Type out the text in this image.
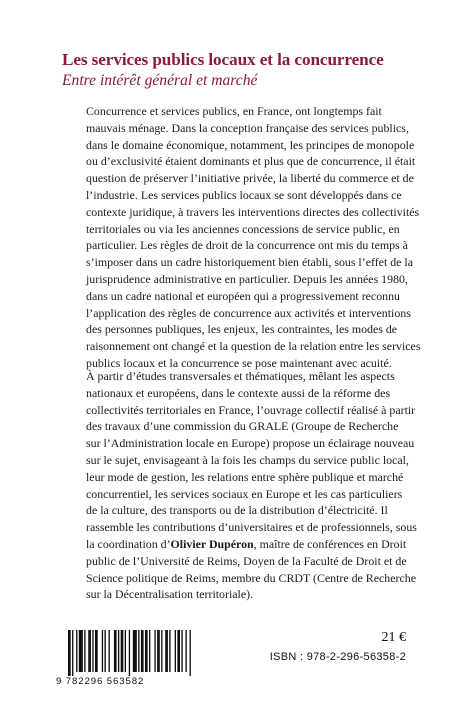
Les services publics locaux et la concurrence
Entre intérêt général et marché
Concurrence et services publics, en France, ont longtemps fait
mauvais ménage. Dans la conception française des services publics,
dans le domaine économique, notamment, les principes de monopole
ou d’exclusivité étaient dominants et plus que de concurrence, il était
question de préserver l’initiative privée, la liberté du commerce et de
l’industrie. Les services publics locaux se sont développés dans ce
contexte juridique, à travers les interventions directes des collectivités
territoriales ou via les anciennes concessions de service public, en
particulier. Les règles de droit de la concurrence ont mis du temps à
s’imposer dans un cadre historiquement bien établi, sous l’effet de la
jurisprudence administrative en particulier. Depuis les années 1980,
dans un cadre national et européen qui a progressivement reconnu
l’application des règles de concurrence aux activités et interventions
des personnes publiques, les enjeux, les contraintes, les modes de
raisonnement ont changé et la question de la relation entre les services
publics locaux et la concurrence se pose maintenant avec acuité.
À partir d’études transversales et thématiques, mêlant les aspects
nationaux et européens, dans le contexte aussi de la réforme des
collectivités territoriales en France, l’ouvrage collectif réalisé à partir
des travaux d’une commission du GRALE (Groupe de Recherche
sur l’Administration locale en Europe) propose un éclairage nouveau
sur le sujet, envisageant à la fois les champs du service public local,
leur mode de gestion, les relations entre sphère publique et marché
concurrentiel, les services sociaux en Europe et les cas particuliers
de la culture, des transports ou de la distribution d’électricité. Il
rassemble les contributions d’universitaires et de professionnels, sous
la coordination d’Olivier Dupéron, maître de conférences en Droit
public de l’Université de Reims, Doyen de la Faculté de Droit et de
Science politique de Reims, membre du CRDT (Centre de Recherche
sur la Décentralisation territoriale).
9 782296 563582
21 €
ISBN : 978-2-296-56358-2
